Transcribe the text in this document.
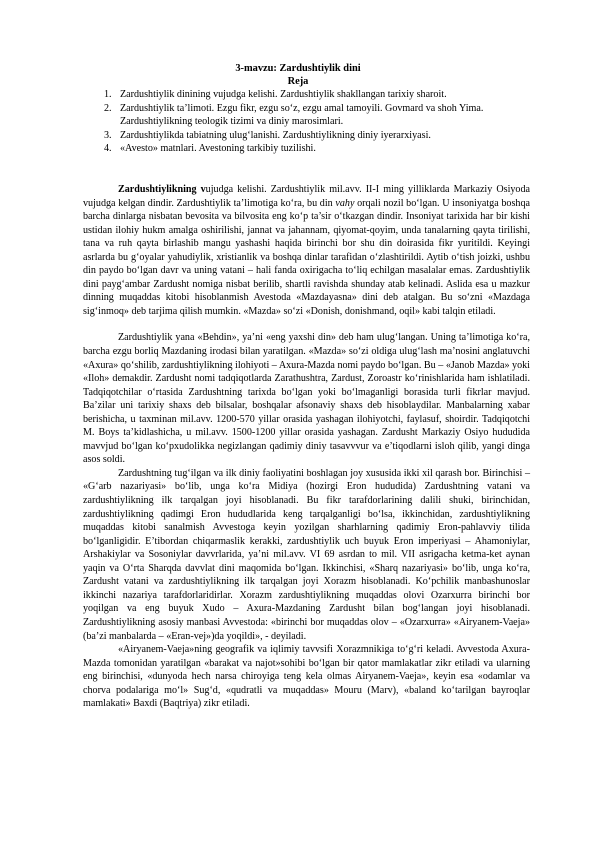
3-mavzu: Zardushtiylik dini
Reja
1. Zardushtiylik dinining vujudga kelishi. Zardushtiylik shakllangan tarixiy sharoit.
2. Zardushtiylik ta’limoti. Ezgu fikr, ezgu so‘z, ezgu amal tamoyili. Govmard va shoh Yima. Zardushtiylikning teologik tizimi va diniy marosimlari.
3. Zardushtiylikda tabiatning ulug‘lanishi. Zardushtiylikning diniy iyerarxiyasi.
4. «Avesto» matnlari. Avestoning tarkibiy tuzilishi.

Zardushtiylikning vujudga kelishi. Zardushtiylik mil.avv. II-I ming yilliklarda Markaziy Osiyoda vujudga kelgan dindir. Zardushtiylik ta’limotiga ko‘ra, bu din vahy orqali nozil bo‘lgan. U insoniyatga boshqa barcha dinlarga nisbatan bevosita va bilvosita eng ko‘p ta’sir o‘tkazgan dindir. Insoniyat tarixida har bir kishi ustidan ilohiy hukm amalga oshirilishi, jannat va jahannam, qiyomat-qoyim, unda tanalarning qayta tirilishi, tana va ruh qayta birlashib mangu yashashi haqida birinchi bor shu din doirasida fikr yuritildi. Keyingi asrlarda bu g‘oyalar yahudiylik, xristianlik va boshqa dinlar tarafidan o‘zlashtirildi. Aytib o‘tish joizki, ushbu din paydo bo‘lgan davr va uning vatani – hali fanda oxirigacha to‘liq echilgan masalalar emas. Zardushtiylik dini payg‘ambar Zardusht nomiga nisbat berilib, shartli ravishda shunday atab kelinadi. Aslida esa u mazkur dinning muqaddas kitobi hisoblanmish Avestoda «Mazdayasna» dini deb atalgan. Bu so‘zni «Mazdaga sig‘inmoq» deb tarjima qilish mumkin. «Mazda» so‘zi «Donish, donishmand, oqil» kabi talqin etiladi.

Zardushtiylik yana «Behdin», ya’ni «eng yaxshi din» deb ham ulug‘langan. Uning ta’limotiga ko‘ra, barcha ezgu borliq Mazdaning irodasi bilan yaratilgan. «Mazda» so‘zi oldiga ulug‘lash ma’nosini anglatuvchi «Axura» qo‘shilib, zardushtiylikning ilohiyoti – Axura-Mazda nomi paydo bo‘lgan. Bu – «Janob Mazda» yoki «Iloh» demakdir. Zardusht nomi tadqiqotlarda Zarathushtra, Zardust, Zoroastr ko‘rinishlarida ham ishlatiladi. Tadqiqotchilar o‘rtasida Zardushtning tarixda bo‘lgan yoki bo‘lmaganligi borasida turli fikrlar mavjud. Ba’zilar uni tarixiy shaxs deb bilsalar, boshqalar afsonaviy shaxs deb hisoblaydilar. Manbalarning xabar berishicha, u taxminan mil.avv. 1200-570 yillar orasida yashagan ilohiyotchi, faylasuf, shoirdir. Tadqiqotchi M. Boys ta’kidlashicha, u mil.avv. 1500-1200 yillar orasida yashagan. Zardusht Markaziy Osiyo hududida mavvjud bo‘lgan ko‘pxudolikka negizlangan qadimiy diniy tasavvvur va e’tiqodlarni isloh qilib, yangi dinga asos soldi.

Zardushtning tug‘ilgan va ilk diniy faoliyatini boshlagan joy xususida ikki xil qarash bor. Birinchisi – «G‘arb nazariyasi» bo‘lib, unga ko‘ra Midiya (hozirgi Eron hududida) Zardushtning vatani va zardushtiylikning ilk tarqalgan joyi hisoblanadi. Bu fikr tarafdorlarining dalili shuki, birinchidan, zardushtiylikning qadimgi Eron hududlarida keng tarqalganligi bo‘lsa, ikkinchidan, zardushtiylikning muqaddas kitobi sanalmish Avvestoga keyin yozilgan sharhlarning qadimiy Eron-pahlavviy tilida bo‘lganligidir. E’tibordan chiqarmaslik kerakki, zardushtiylik uch buyuk Eron imperiyasi – Ahamoniylar, Arshakiylar va Sosoniylar davvrlarida, ya’ni mil.avv. VI 69 asrdan to mil. VII asrigacha ketma-ket aynan yaqin va O‘rta Sharqda davvlat dini maqomida bo‘lgan. Ikkinchisi, «Sharq nazariyasi» bo‘lib, unga ko‘ra, Zardusht vatani va zardushtiylikning ilk tarqalgan joyi Xorazm hisoblanadi. Ko‘pchilik manbashunoslar ikkinchi nazariya tarafdorlaridirlar. Xorazm zardushtiylikning muqaddas olovi Ozarxurra birinchi bor yoqilgan va eng buyuk Xudo – Axura-Mazdaning Zardusht bilan bog‘langan joyi hisoblanadi. Zardushtiylikning asosiy manbasi Avvestoda: «birinchi bor muqaddas olov – «Ozarxurra» «Airyanem-Vaeja» (ba’zi manbalarda – «Eran-vej»)da yoqildi», - deyiladi.

«Airyanem-Vaeja»ning geografik va iqlimiy tavvsifi Xorazmnikiga to‘g‘ri keladi. Avvestoda Axura-Mazda tomonidan yaratilgan «barakat va najot»sohibi bo‘lgan bir qator mamlakatlar zikr etiladi va ularning eng birinchisi, «dunyoda hech narsa chiroyiga teng kela olmas Airyanem-Vaeja», keyin esa «odamlar va chorva podalariga mo‘l» Sug‘d, «qudratli va muqaddas» Mouru (Marv), «baland ko‘tarilgan bayroqlar mamlakati» Baxdi (Baqtriya) zikr etiladi.
